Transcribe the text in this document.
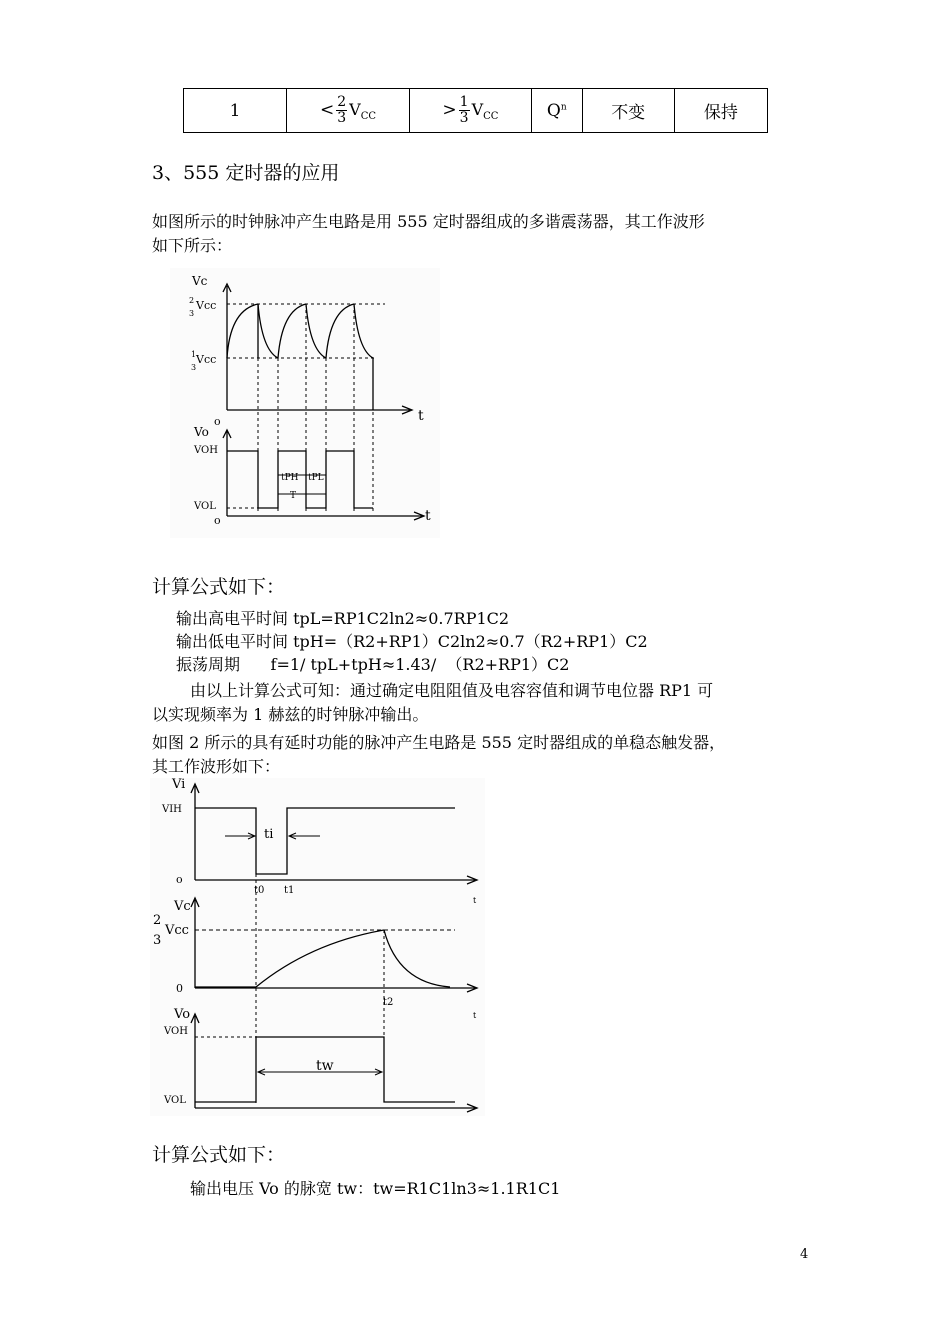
1	< $\frac{2}{3} V_{CC}$	> $\frac{1}{3} V_{CC}$	$Q^n$	不变	保持
3、555 定时器的应用
如图所示的时钟脉冲产生电路是用 555 定时器组成的多谐震荡器，其工作波形
如下所示：
Vc
2
3
Vcc
1
3
Vcc
o	t
Vo
VOH
VOL
o	t
tPH tPL
T
计算公式如下：
输出高电平时间 tpL=RP1C2ln2≈0.7RP1C2
输出低电平时间 tpH=（R2+RP1）C2ln2≈0.7（R2+RP1）C2
振荡周期      f=1/ tpL+tpH≈1.43/  （R2+RP1）C2
由以上计算公式可知：通过确定电阻阻值及电容容值和调节电位器 RP1 可
以实现频率为 1 赫兹的时钟脉冲输出。
如图 2 所示的具有延时功能的脉冲产生电路是 555 定时器组成的单稳态触发器，
其工作波形如下：
Vi
VIH
ti
o
t0 t1
t
Vc
2
3
Vcc
0
t2
t
Vo
VOH
tw
VOL
计算公式如下：
输出电压 Vo 的脉宽 tw：tw=R1C1ln3≈1.1R1C1
4
